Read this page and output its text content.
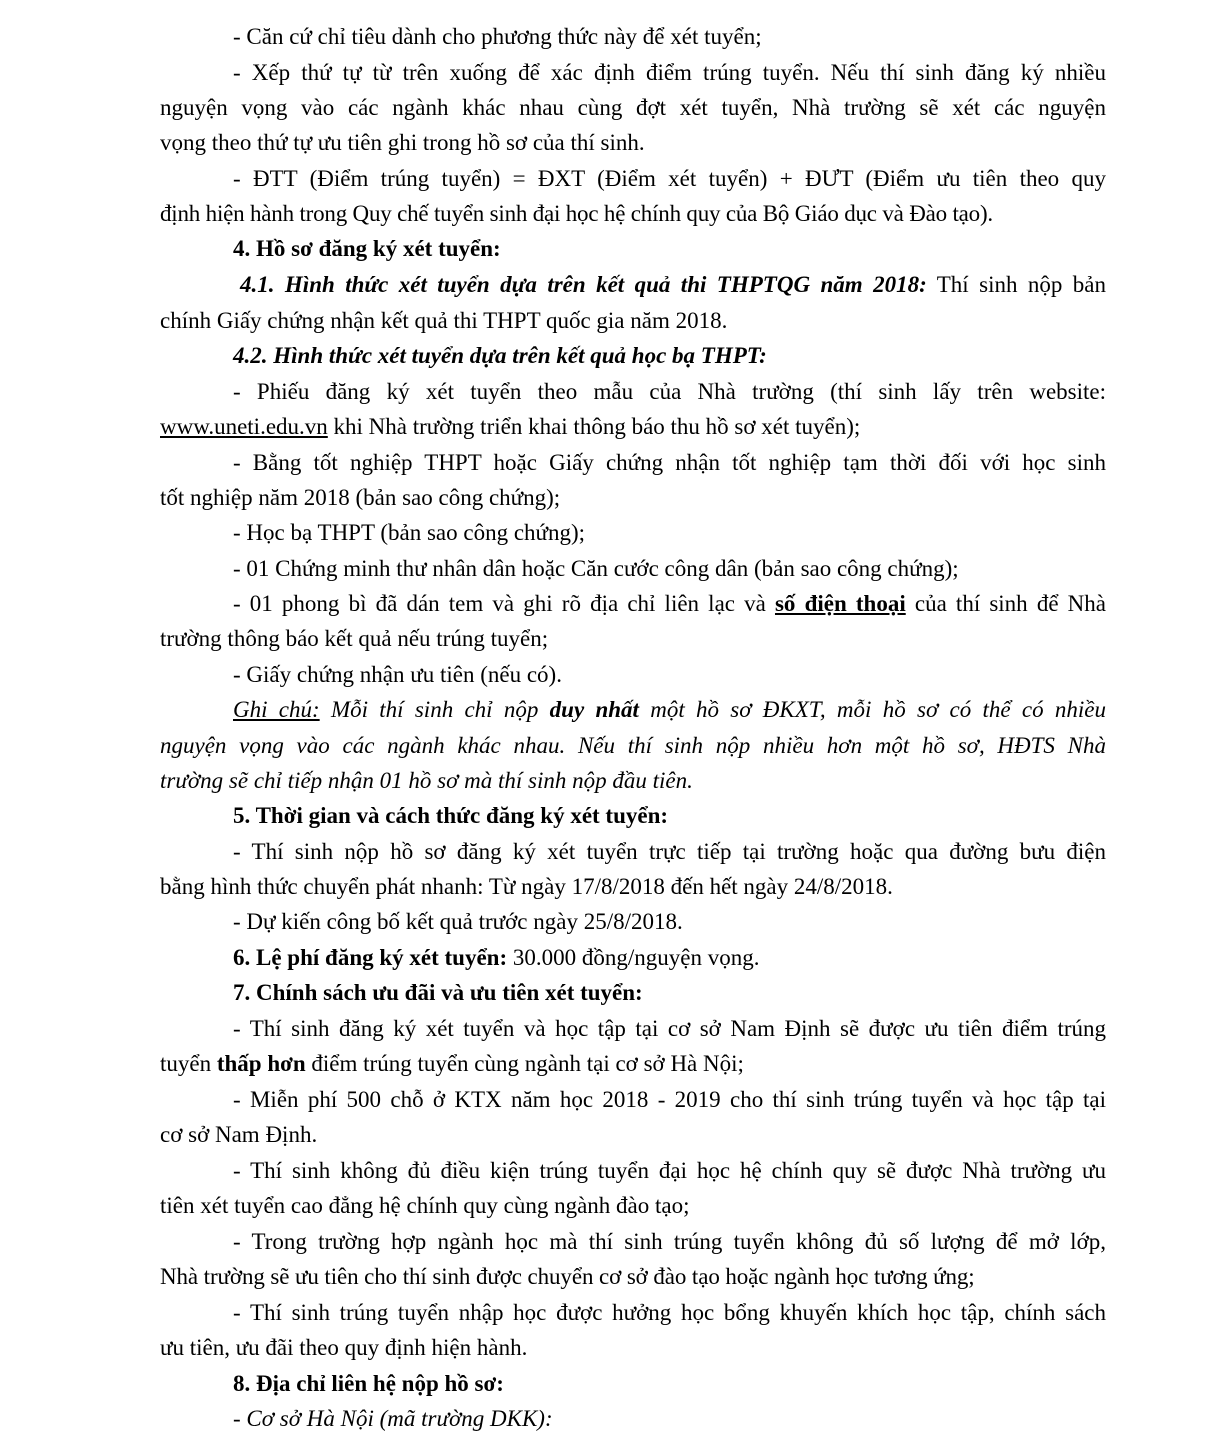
- Căn cứ chỉ tiêu dành cho phương thức này để xét tuyển;
- Xếp thứ tự từ trên xuống để xác định điểm trúng tuyển. Nếu thí sinh đăng ký nhiều
nguyện vọng vào các ngành khác nhau cùng đợt xét tuyển, Nhà trường sẽ xét các nguyện
vọng theo thứ tự ưu tiên ghi trong hồ sơ của thí sinh.
- ĐTT (Điểm trúng tuyển) = ĐXT (Điểm xét tuyển) + ĐƯT (Điểm ưu tiên theo quy
định hiện hành trong Quy chế tuyển sinh đại học hệ chính quy của Bộ Giáo dục và Đào tạo).
4. Hồ sơ đăng ký xét tuyển:
4.1. Hình thức xét tuyển dựa trên kết quả thi THPTQG năm 2018: Thí sinh nộp bản
chính Giấy chứng nhận kết quả thi THPT quốc gia năm 2018.
4.2. Hình thức xét tuyển dựa trên kết quả học bạ THPT:
- Phiếu đăng ký xét tuyển theo mẫu của Nhà trường (thí sinh lấy trên website:
www.uneti.edu.vn khi Nhà trường triển khai thông báo thu hồ sơ xét tuyển);
- Bằng tốt nghiệp THPT hoặc Giấy chứng nhận tốt nghiệp tạm thời đối với học sinh
tốt nghiệp năm 2018 (bản sao công chứng);
- Học bạ THPT (bản sao công chứng);
- 01 Chứng minh thư nhân dân hoặc Căn cước công dân (bản sao công chứng);
- 01 phong bì đã dán tem và ghi rõ địa chỉ liên lạc và số điện thoại của thí sinh để Nhà
trường thông báo kết quả nếu trúng tuyển;
- Giấy chứng nhận ưu tiên (nếu có).
Ghi chú: Mỗi thí sinh chỉ nộp duy nhất một hồ sơ ĐKXT, mỗi hồ sơ có thể có nhiều
nguyện vọng vào các ngành khác nhau. Nếu thí sinh nộp nhiều hơn một hồ sơ, HĐTS Nhà
trường sẽ chỉ tiếp nhận 01 hồ sơ mà thí sinh nộp đầu tiên.
5. Thời gian và cách thức đăng ký xét tuyển:
- Thí sinh nộp hồ sơ đăng ký xét tuyển trực tiếp tại trường hoặc qua đường bưu điện
bằng hình thức chuyển phát nhanh: Từ ngày 17/8/2018 đến hết ngày 24/8/2018.
- Dự kiến công bố kết quả trước ngày 25/8/2018.
6. Lệ phí đăng ký xét tuyển: 30.000 đồng/nguyện vọng.
7. Chính sách ưu đãi và ưu tiên xét tuyển:
- Thí sinh đăng ký xét tuyển và học tập tại cơ sở Nam Định sẽ được ưu tiên điểm trúng
tuyển thấp hơn điểm trúng tuyển cùng ngành tại cơ sở Hà Nội;
- Miễn phí 500 chỗ ở KTX năm học 2018 - 2019 cho thí sinh trúng tuyển và học tập tại
cơ sở Nam Định.
- Thí sinh không đủ điều kiện trúng tuyển đại học hệ chính quy sẽ được Nhà trường ưu
tiên xét tuyển cao đẳng hệ chính quy cùng ngành đào tạo;
- Trong trường hợp ngành học mà thí sinh trúng tuyển không đủ số lượng để mở lớp,
Nhà trường sẽ ưu tiên cho thí sinh được chuyển cơ sở đào tạo hoặc ngành học tương ứng;
- Thí sinh trúng tuyển nhập học được hưởng học bổng khuyến khích học tập, chính sách
ưu tiên, ưu đãi theo quy định hiện hành.
8. Địa chỉ liên hệ nộp hồ sơ:
- Cơ sở Hà Nội (mã trường DKK):
